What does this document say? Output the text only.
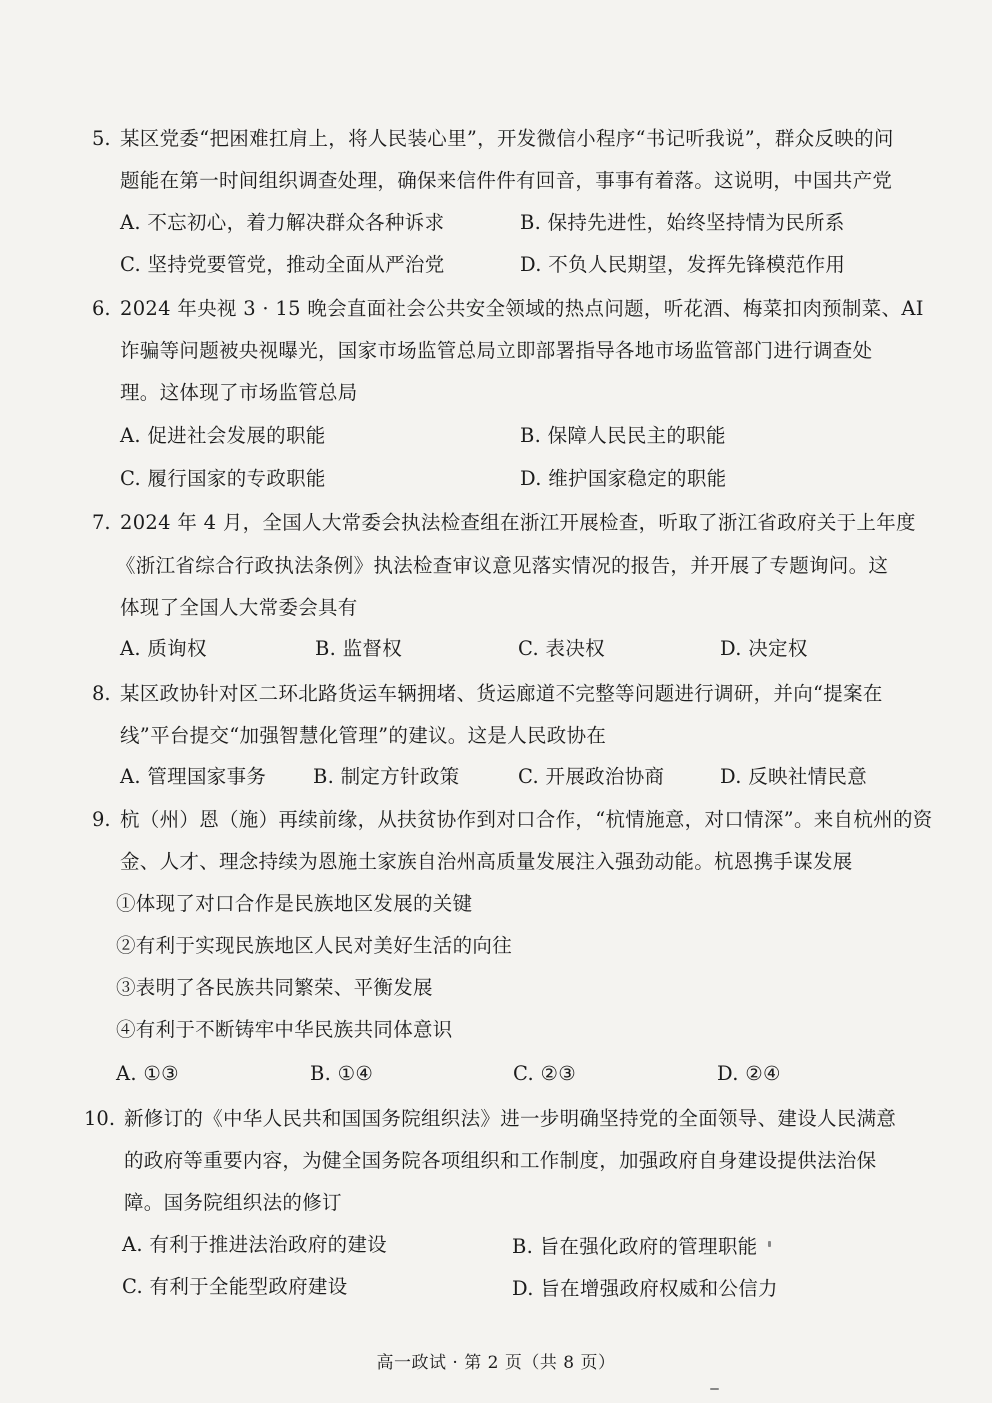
5. 某区党委“把困难扛肩上，将人民装心里”，开发微信小程序“书记听我说”，群众反映的问
题能在第一时间组织调查处理，确保来信件件有回音，事事有着落。这说明，中国共产党
A. 不忘初心，着力解决群众各种诉求	B. 保持先进性，始终坚持情为民所系
C. 坚持党要管党，推动全面从严治党	D. 不负人民期望，发挥先锋模范作用
6. 2024 年央视 3 · 15 晚会直面社会公共安全领域的热点问题，听花酒、梅菜扣肉预制菜、AI
诈骗等问题被央视曝光，国家市场监管总局立即部署指导各地市场监管部门进行调查处
理。这体现了市场监管总局
A. 促进社会发展的职能	B. 保障人民民主的职能
C. 履行国家的专政职能	D. 维护国家稳定的职能
7. 2024 年 4 月，全国人大常委会执法检查组在浙江开展检查，听取了浙江省政府关于上年度
《浙江省综合行政执法条例》执法检查审议意见落实情况的报告，并开展了专题询问。这
体现了全国人大常委会具有
A. 质询权	B. 监督权	C. 表决权	D. 决定权
8. 某区政协针对区二环北路货运车辆拥堵、货运廊道不完整等问题进行调研，并向“提案在
线”平台提交“加强智慧化管理”的建议。这是人民政协在
A. 管理国家事务 B. 制定方针政策	C. 开展政治协商	D. 反映社情民意
9. 杭（州）恩（施）再续前缘，从扶贫协作到对口合作，“杭情施意，对口情深”。来自杭州的资
金、人才、理念持续为恩施土家族自治州高质量发展注入强劲动能。杭恩携手谋发展
①体现了对口合作是民族地区发展的关键
②有利于实现民族地区人民对美好生活的向往
③表明了各民族共同繁荣、平衡发展
④有利于不断铸牢中华民族共同体意识
A. ①③	B. ①④	C. ②③	D. ②④
10. 新修订的《中华人民共和国国务院组织法》进一步明确坚持党的全面领导、建设人民满意
的政府等重要内容，为健全国务院各项组织和工作制度，加强政府自身建设提供法治保
障。国务院组织法的修订
A. 有利于推进法治政府的建设	B. 旨在强化政府的管理职能
C. 有利于全能型政府建设	D. 旨在增强政府权威和公信力
高一政试 · 第 2 页（共 8 页）
